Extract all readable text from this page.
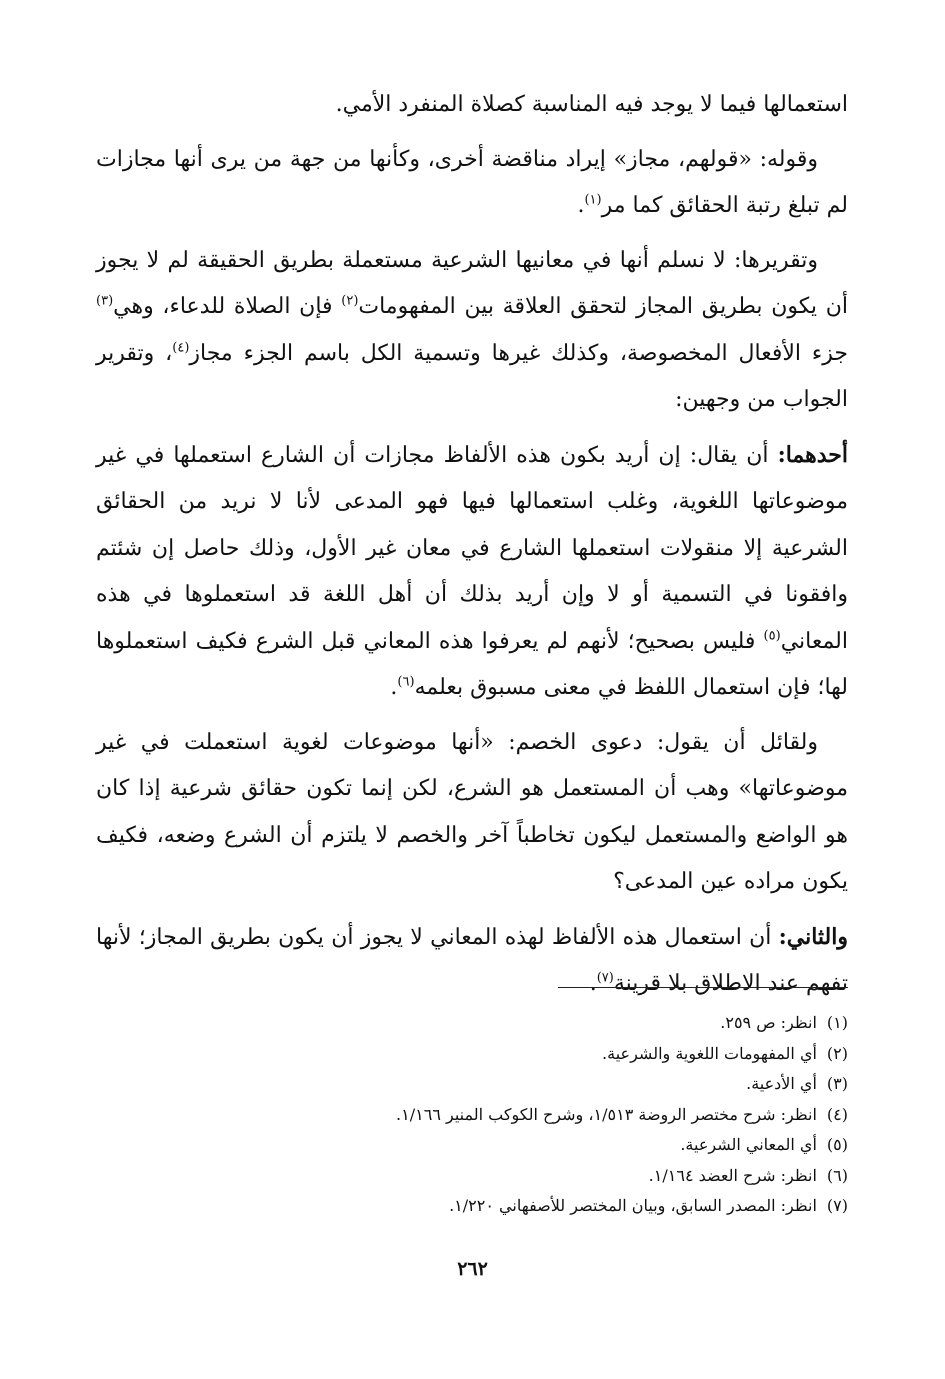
استعمالها فيما لا يوجد فيه المناسبة كصلاة المنفرد الأمي.

وقوله: «قولهم، مجاز» إيراد مناقضة أخرى، وكأنها من جهة من يرى أنها مجازات لم تبلغ رتبة الحقائق كما مر$^{(١)}$.

وتقريرها: لا نسلم أنها في معانيها الشرعية مستعملة بطريق الحقيقة لم لا يجوز أن يكون بطريق المجاز لتحقق العلاقة بين المفهومات$^{(٢)}$ فإن الصلاة للدعاء، وهي$^{(٣)}$ جزء الأفعال المخصوصة، وكذلك غيرها وتسمية الكل باسم الجزء مجاز$^{(٤)}$، وتقرير الجواب من وجهين:

أحدهما: أن يقال: إن أريد بكون هذه الألفاظ مجازات أن الشارع استعملها في غير موضوعاتها اللغوية، وغلب استعمالها فيها فهو المدعى لأنا لا نريد من الحقائق الشرعية إلا منقولات استعملها الشارع في معان غير الأول، وذلك حاصل إن شئتم وافقونا في التسمية أو لا وإن أريد بذلك أن أهل اللغة قد استعملوها في هذه المعاني$^{(٥)}$ فليس بصحيح؛ لأنهم لم يعرفوا هذه المعاني قبل الشرع فكيف استعملوها لها؛ فإن استعمال اللفظ في معنى مسبوق بعلمه$^{(٦)}$.

ولقائل أن يقول: دعوى الخصم: «أنها موضوعات لغوية استعملت في غير موضوعاتها» وهب أن المستعمل هو الشرع، لكن إنما تكون حقائق شرعية إذا كان هو الواضع والمستعمل ليكون تخاطباً آخر والخصم لا يلتزم أن الشرع وضعه، فكيف يكون مراده عين المدعى؟

والثاني: أن استعمال هذه الألفاظ لهذه المعاني لا يجوز أن يكون بطريق المجاز؛ لأنها تفهم عند الاطلاق بلا قرينة$^{(٧)}$.

(١)انظر: ص ٢٥٩.
(٢)أي المفهومات اللغوية والشرعية.
(٣)أي الأدعية.
(٤)انظر: شرح مختصر الروضة ١/٥١٣، وشرح الكوكب المنير ١/١٦٦.
(٥)أي المعاني الشرعية.
(٦)انظر: شرح العضد ١/١٦٤.
(٧)انظر: المصدر السابق، وبيان المختصر للأصفهاني ١/٢٢٠.
٢٦٢
